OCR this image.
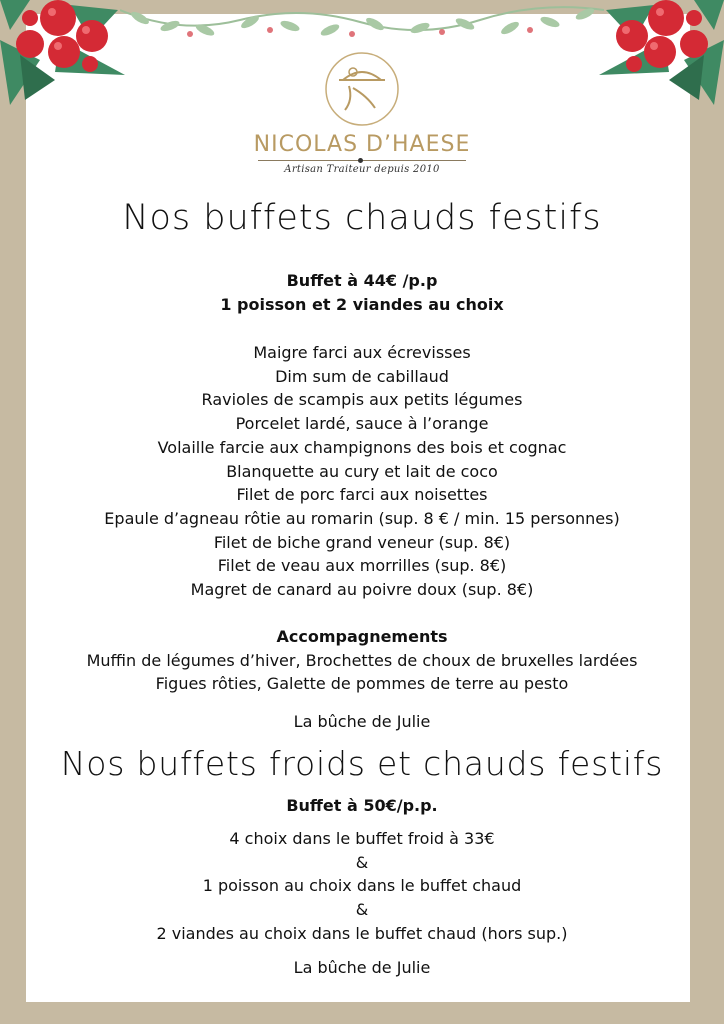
NICOLAS D’HAESE
Artisan Traiteur depuis 2010
Nos buffets chauds festifs
Buffet à 44€ /p.p
1 poisson et 2 viandes au choix
Maigre farci aux écrevisses
Dim sum de cabillaud
Ravioles de scampis aux petits légumes
Porcelet lardé, sauce à l’orange
Volaille farcie aux champignons des bois et cognac
Blanquette au cury et lait de coco
Filet de porc farci aux noisettes
Epaule d’agneau rôtie au romarin (sup. 8 € / min. 15 personnes)
Filet de biche grand veneur (sup. 8€)
Filet de veau aux morrilles (sup. 8€)
Magret de canard au poivre doux (sup. 8€)
Accompagnements
Muffin de légumes d’hiver, Brochettes de choux de bruxelles lardées
Figues rôties, Galette de pommes de terre au pesto
La bûche de Julie
Nos buffets froids et chauds festifs
Buffet à 50€/p.p.
4 choix dans le buffet froid à 33€
&
1 poisson au choix dans le buffet chaud
&
2 viandes au choix dans le buffet chaud (hors sup.)
La bûche de Julie
